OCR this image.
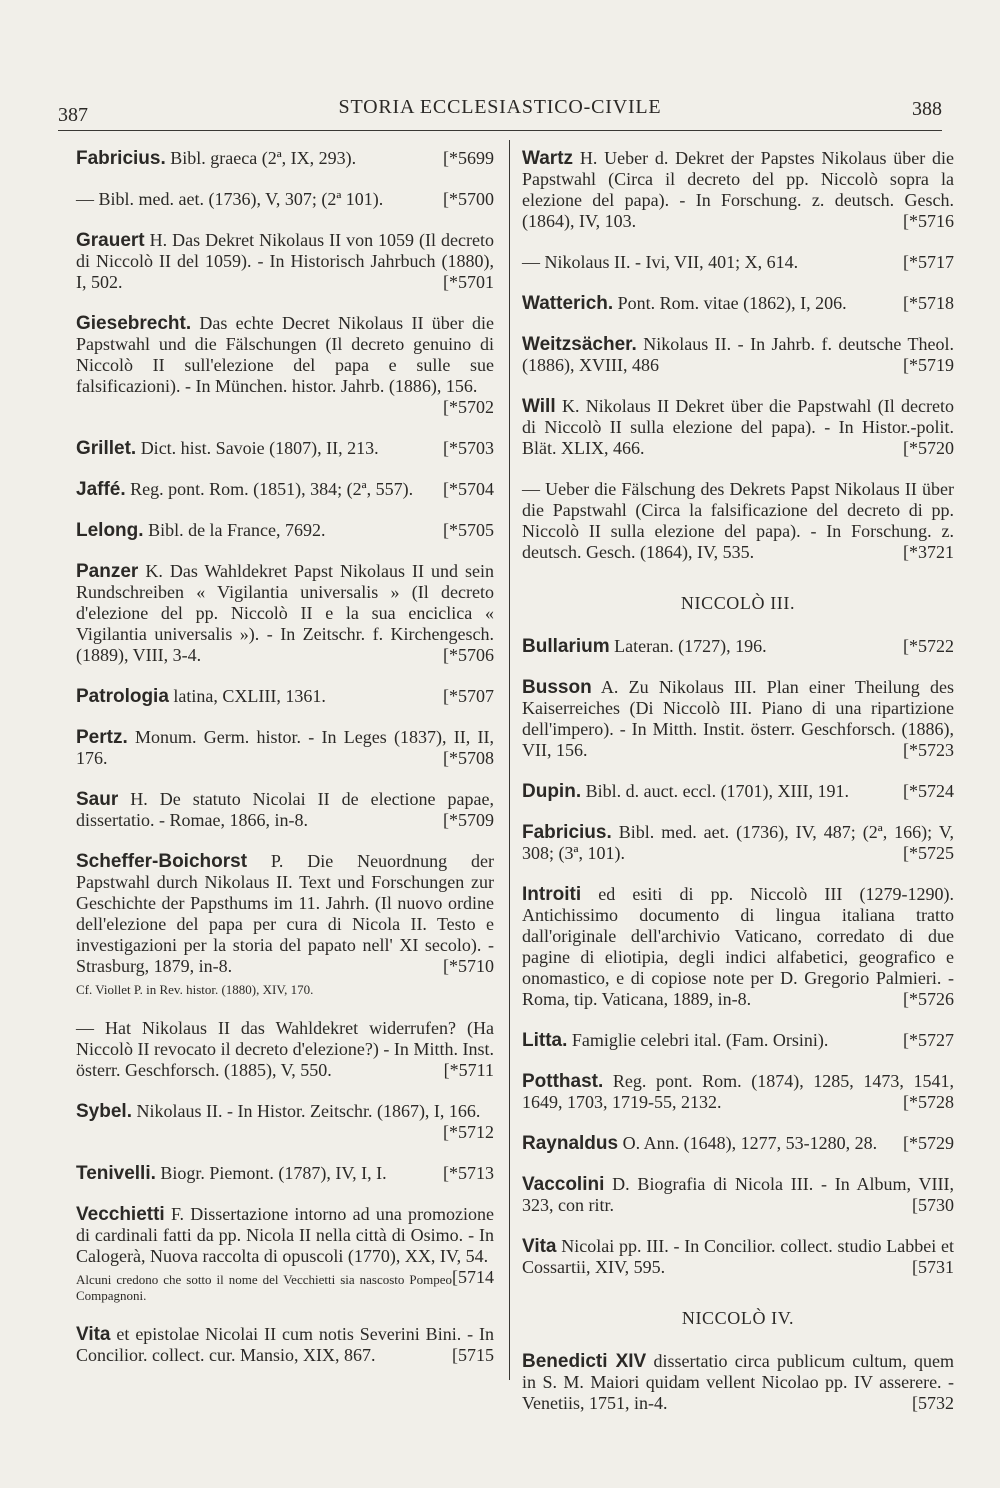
387	STORIA ECCLESIASTICO-CIVILE	388
Fabricius. Bibl. graeca (2ª, IX, 293).	[*5699
— Bibl. med. aet. (1736), V, 307; (2ª 101).	[*5700
Grauert H. Das Dekret Nikolaus II von 1059 (Il decreto di Niccolò II del 1059). - In Historisch Jahrbuch (1880), I, 502.	[*5701
Giesebrecht. Das echte Decret Nikolaus II über die Papstwahl und die Fälschungen (Il decreto genuino di Niccolò II sull'elezione del papa e sulle sue falsificazioni). - In München. histor. Jahrb. (1886), 156.
[*5702
Grillet. Dict. hist. Savoie (1807), II, 213.	[*5703
Jaffé. Reg. pont. Rom. (1851), 384; (2ª, 557). [*5704
Lelong. Bibl. de la France, 7692.	[*5705
Panzer K. Das Wahldekret Papst Nikolaus II und sein Rundschreiben « Vigilantia universalis » (Il decreto d'elezione del pp. Niccolò II e la sua enciclica « Vigilantia universalis »). - In Zeitschr. f. Kirchengesch. (1889), VIII, 3-4.	[*5706
Patrologia latina, CXLIII, 1361.	[*5707
Pertz. Monum. Germ. histor. - In Leges (1837), II, II, 176.	[*5708
Saur H. De statuto Nicolai II de electione papae, dissertatio. - Romae, 1866, in-8.	[*5709
Scheffer-Boichorst P. Die Neuordnung der Papstwahl durch Nikolaus II. Text und Forschungen zur Geschichte der Papsthums im 11. Jahrh. (Il nuovo ordine dell'elezione del papa per cura di Nicola II. Testo e investigazioni per la storia del papato nell' XI secolo). - Strasburg, 1879, in-8.	[*5710
Cf. Viollet P. in Rev. histor. (1880), XIV, 170.
— Hat Nikolaus II das Wahldekret widerrufen? (Ha Niccolò II revocato il decreto d'elezione?) - In Mitth. Inst. österr. Geschforsch. (1885), V, 550.	[*5711
Sybel. Nikolaus II. - In Histor. Zeitschr. (1867), I, 166.
[*5712
Tenivelli. Biogr. Piemont. (1787), IV, I, I.	[*5713
Vecchietti F. Dissertazione intorno ad una promozione di cardinali fatti da pp. Nicola II nella città di Osimo. - In Calogerà, Nuova raccolta di opuscoli (1770), XX, IV, 54.
[5714
Alcuni credono che sotto il nome del Vecchietti sia nascosto Pompeo Compagnoni.
Vita et epistolae Nicolai II cum notis Severini Bini. - In Concilior. collect. cur. Mansio, XIX, 867.	[5715
Wartz H. Ueber d. Dekret der Papstes Nikolaus über die Papstwahl (Circa il decreto del pp. Niccolò sopra la elezione del papa). - In Forschung. z. deutsch. Gesch. (1864), IV, 103.	[*5716
— Nikolaus II. - Ivi, VII, 401; X, 614.	[*5717
Watterich. Pont. Rom. vitae (1862), I, 206.	[*5718
Weitzsächer. Nikolaus II. - In Jahrb. f. deutsche Theol. (1886), XVIII, 486	[*5719
Will K. Nikolaus II Dekret über die Papstwahl (Il decreto di Niccolò II sulla elezione del papa). - In Histor.-polit. Blät. XLIX, 466.	[*5720
— Ueber die Fälschung des Dekrets Papst Nikolaus II über die Papstwahl (Circa la falsificazione del decreto di pp. Niccolò II sulla elezione del papa). - In Forschung. z. deutsch. Gesch. (1864), IV, 535.	[*3721
NICCOLÒ III.
Bullarium Lateran. (1727), 196.	[*5722
Busson A. Zu Nikolaus III. Plan einer Theilung des Kaiserreiches (Di Niccolò III. Piano di una ripartizione dell'impero). - In Mitth. Instit. österr. Geschforsch. (1886), VII, 156.	[*5723
Dupin. Bibl. d. auct. eccl. (1701), XIII, 191.	[*5724
Fabricius. Bibl. med. aet. (1736), IV, 487; (2ª, 166); V, 308; (3ª, 101).	[*5725
Introiti ed esiti di pp. Niccolò III (1279-1290). Antichissimo documento di lingua italiana tratto dall'originale dell'archivio Vaticano, corredato di due pagine di eliotipia, degli indici alfabetici, geografico e onomastico, e di copiose note per D. Gregorio Palmieri. - Roma, tip. Vaticana, 1889, in-8.	[*5726
Litta. Famiglie celebri ital. (Fam. Orsini).	[*5727
Potthast. Reg. pont. Rom. (1874), 1285, 1473, 1541, 1649, 1703, 1719-55, 2132.	[*5728
Raynaldus O. Ann. (1648), 1277, 53-1280, 28. [*5729
Vaccolini D. Biografia di Nicola III. - In Album, VIII, 323, con ritr.	[5730
Vita Nicolai pp. III. - In Concilior. collect. studio Labbei et Cossartii, XIV, 595.	[5731
NICCOLÒ IV.
Benedicti XIV dissertatio circa publicum cultum, quem in S. M. Maiori quidam vellent Nicolao pp. IV asserere. - Venetiis, 1751, in-4.	[5732
